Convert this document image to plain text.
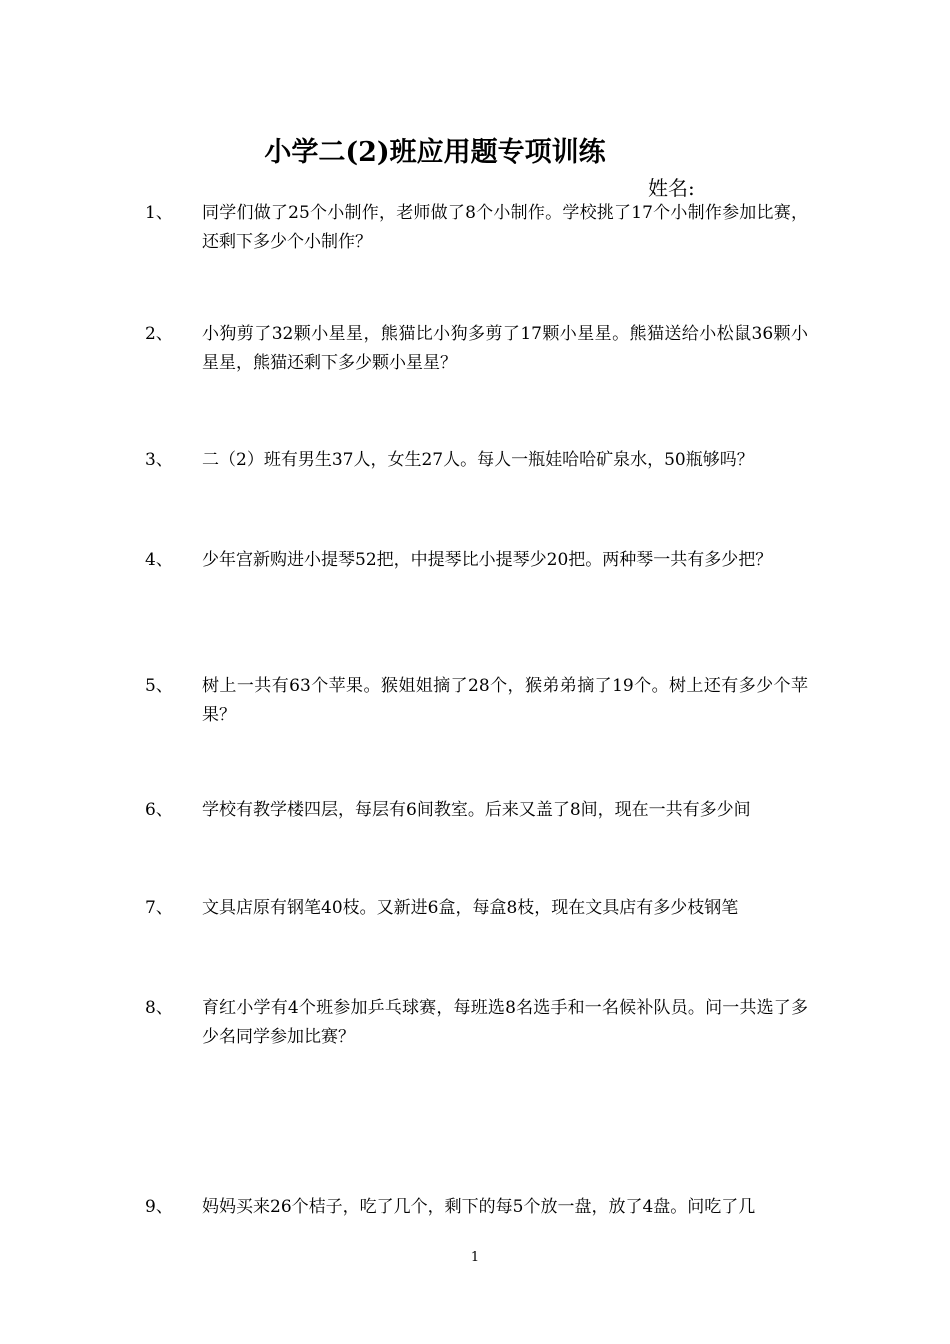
小学二(2)班应用题专项训练
姓名:
1、 同学们做了25个小制作，老师做了8个小制作。学校挑了17个小制作参加比赛，还剩下多少个小制作？
2、 小狗剪了32颗小星星，熊猫比小狗多剪了17颗小星星。熊猫送给小松鼠36颗小星星，熊猫还剩下多少颗小星星？
3、 二（2）班有男生37人，女生27人。每人一瓶娃哈哈矿泉水，50瓶够吗？
4、 少年宫新购进小提琴52把，中提琴比小提琴少20把。两种琴一共有多少把？
5、 树上一共有63个苹果。猴姐姐摘了28个，猴弟弟摘了19个。树上还有多少个苹果？
6、 学校有教学楼四层，每层有6间教室。后来又盖了8间，现在一共有多少间
7、 文具店原有钢笔40枝。又新进6盒，每盒8枝，现在文具店有多少枝钢笔
8、 育红小学有4个班参加乒乓球赛，每班选8名选手和一名候补队员。问一共选了多少名同学参加比赛？
9、 妈妈买来26个桔子，吃了几个，剩下的每5个放一盘，放了4盘。问吃了几
1
